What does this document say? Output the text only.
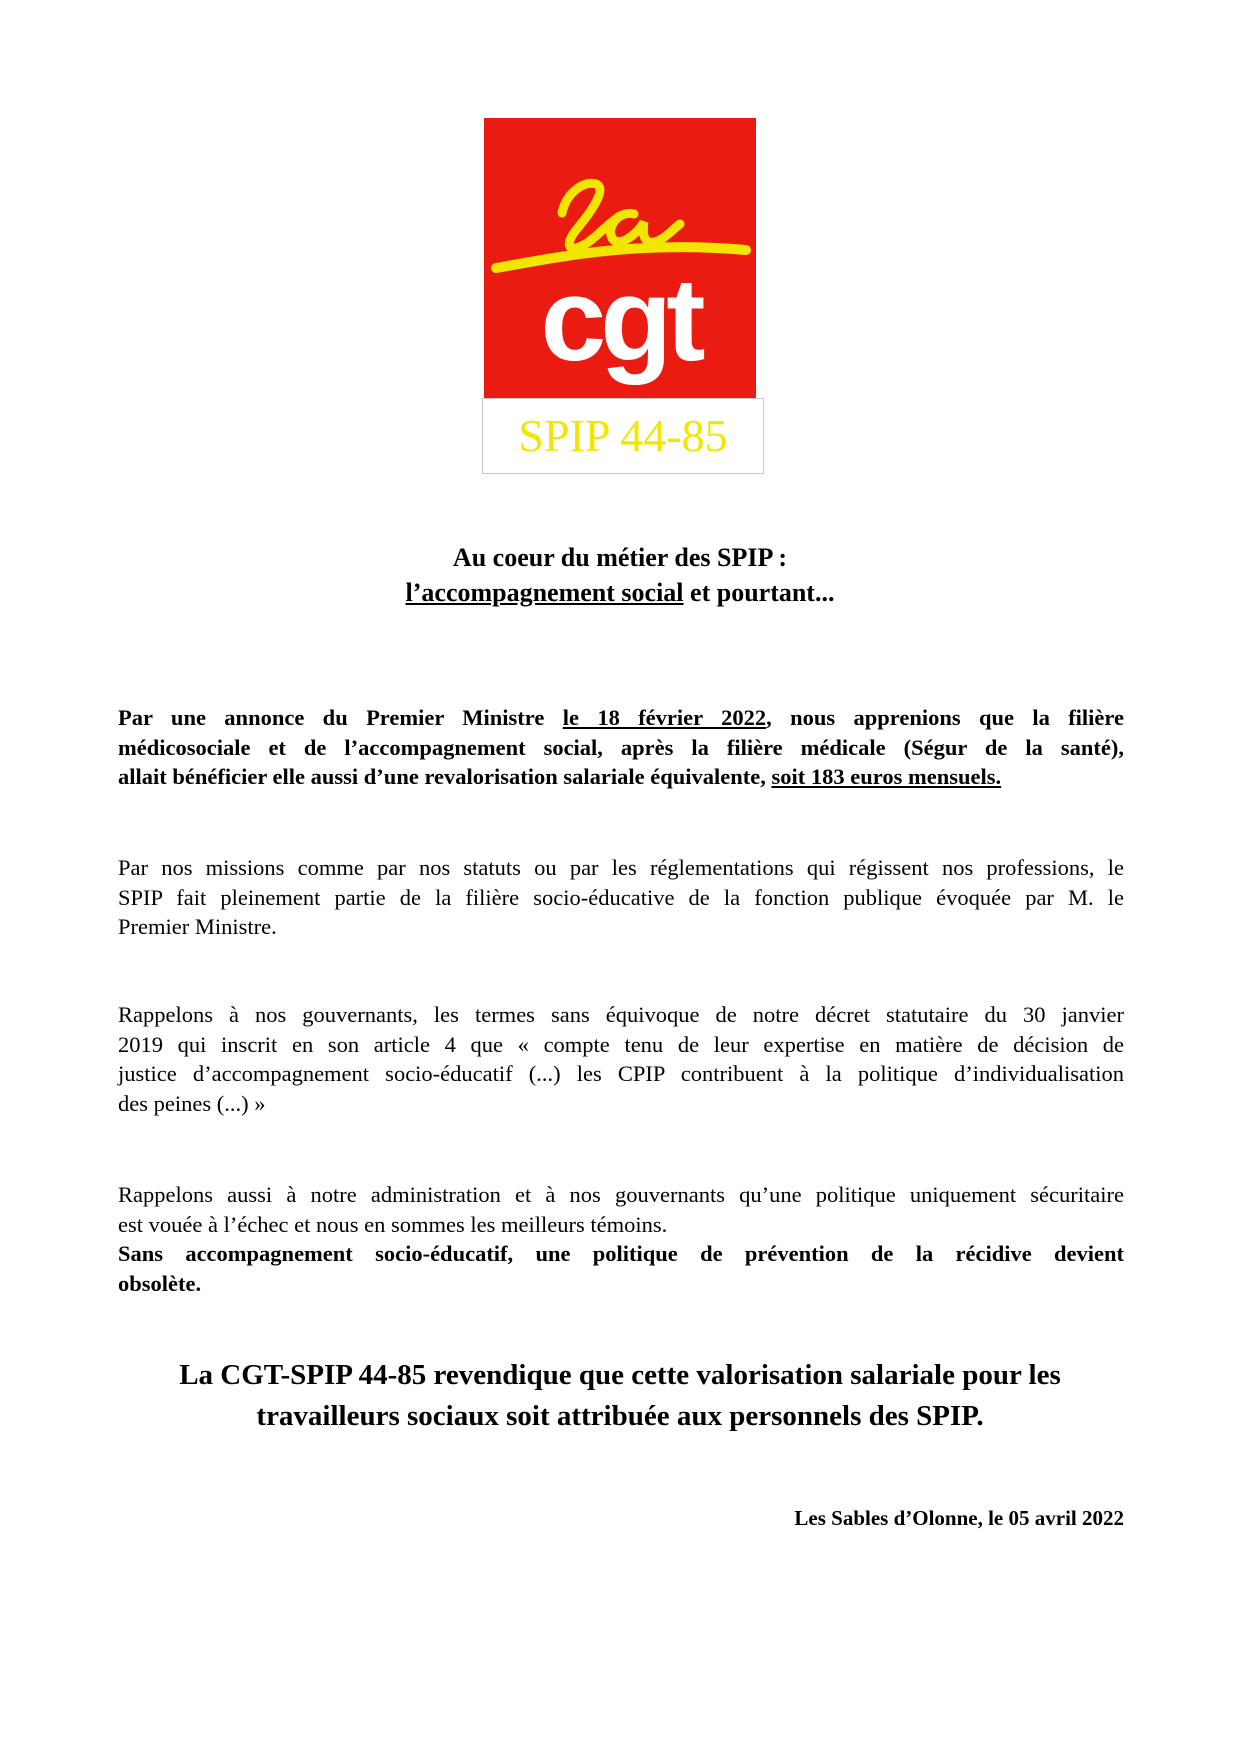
cgt
SPIP 44-85
Au coeur du métier des SPIP :
l’accompagnement social et pourtant...
Par une annonce du Premier Ministre le 18 février 2022, nous apprenions que la filière
médicosociale et de l’accompagnement social, après la filière médicale (Ségur de la santé),
allait bénéficier elle aussi d’une revalorisation salariale équivalente, soit 183 euros mensuels.
Par nos missions comme par nos statuts ou par les réglementations qui régissent nos professions, le
SPIP fait pleinement partie de la filière socio-éducative de la fonction publique évoquée par M. le
Premier Ministre.
Rappelons à nos gouvernants, les termes sans équivoque de notre décret statutaire du 30 janvier
2019 qui inscrit en son article 4 que « compte tenu de leur expertise en matière de décision de
justice d’accompagnement socio-éducatif (...) les CPIP contribuent à la politique d’individualisation
des peines (...) »
Rappelons aussi à notre administration et à nos gouvernants qu’une politique uniquement sécuritaire
est vouée à l’échec et nous en sommes les meilleurs témoins.
Sans accompagnement socio-éducatif, une politique de prévention de la récidive devient
obsolète.
La CGT-SPIP 44-85 revendique que cette valorisation salariale pour les
travailleurs sociaux soit attribuée aux personnels des SPIP.
Les Sables d’Olonne, le 05 avril 2022
